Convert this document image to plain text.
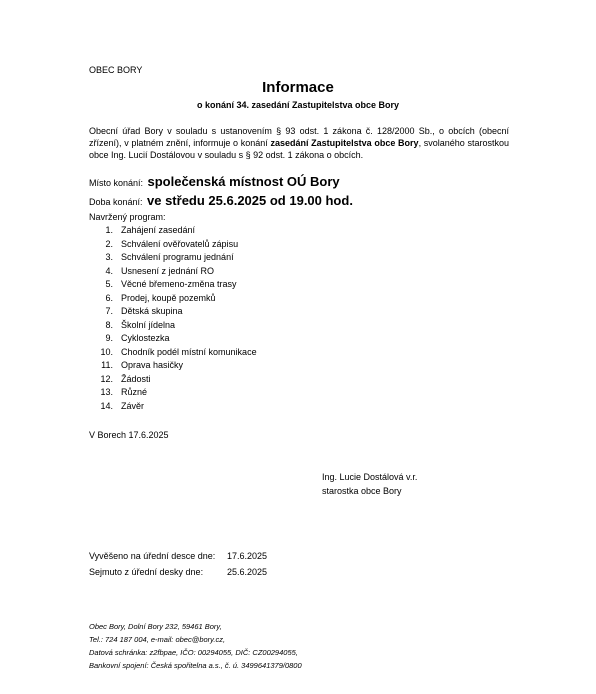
OBEC BORY
Informace
o konání 34. zasedání Zastupitelstva obce Bory
Obecní úřad Bory v souladu s ustanovením § 93 odst. 1 zákona č. 128/2000 Sb., o obcích (obecní zřízení), v platném znění, informuje o konání zasedání Zastupitelstva obce Bory, svolaného starostkou obce Ing. Lucií Dostálovou v souladu s § 92 odst. 1 zákona o obcích.
Místo konání: společenská místnost OÚ Bory
Doba konání: ve středu 25.6.2025 od 19.00 hod.
Navržený program:
1. Zahájení zasedání
2. Schválení ověřovatelů zápisu
3. Schválení programu jednání
4. Usnesení z jednání RO
5. Věcné břemeno-změna trasy
6. Prodej, koupě pozemků
7. Dětská skupina
8. Školní jídelna
9. Cyklostezka
10. Chodník podél místní komunikace
11. Oprava hasičky
12. Žádosti
13. Různé
14. Závěr
V Borech 17.6.2025
Ing. Lucie Dostálová v.r.
starostka obce Bory
Vyvěšeno na úřední desce dne: 17.6.2025
Sejmuto z úřední desky dne:	25.6.2025
Obec Bory, Dolní Bory 232, 59461 Bory,
Tel.: 724 187 004, e-mail: obec@bory.cz,
Datová schránka: z2fbpae, IČO: 00294055, DIČ: CZ00294055,
Bankovní spojení: Česká spořitelna a.s., č. ú. 3499641379/0800
